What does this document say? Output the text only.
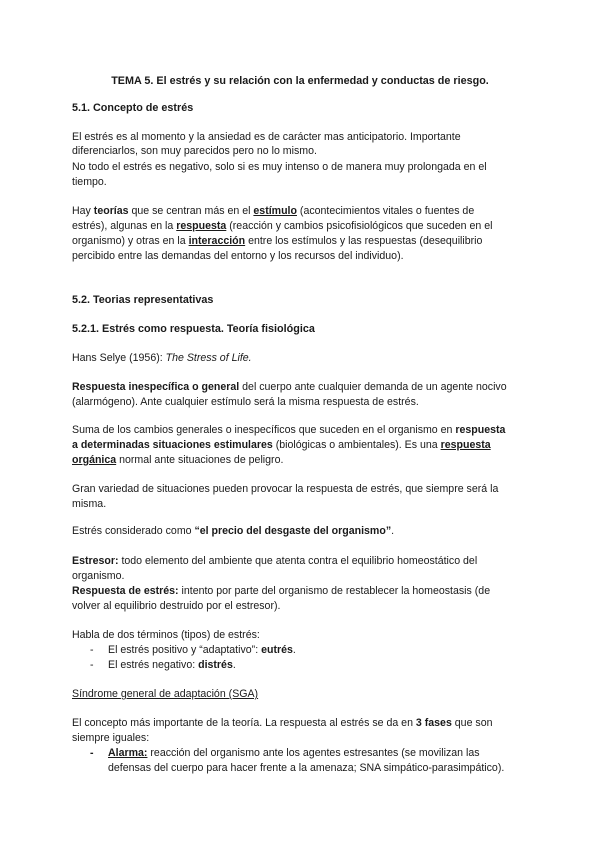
TEMA 5. El estrés y su relación con la enfermedad y conductas de riesgo.
5.1. Concepto de estrés
El estrés es al momento y la ansiedad es de carácter mas anticipatorio. Importante
diferenciarlos, son muy parecidos pero no lo mismo.
No todo el estrés es negativo, solo si es muy intenso o de manera muy prolongada en el
tiempo.
Hay teorías que se centran más en el estímulo (acontecimientos vitales o fuentes de
estrés), algunas en la respuesta (reacción y cambios psicofisiológicos que suceden en el
organismo) y otras en la interacción entre los estímulos y las respuestas (desequilibrio
percibido entre las demandas del entorno y los recursos del individuo).
5.2. Teorias representativas
5.2.1. Estrés como respuesta. Teoría fisiológica
Hans Selye (1956): The Stress of Life.
Respuesta inespecífica o general del cuerpo ante cualquier demanda de un agente nocivo
(alarmógeno). Ante cualquier estímulo será la misma respuesta de estrés.
Suma de los cambios generales o inespecíficos que suceden en el organismo en respuesta
a determinadas situaciones estimulares (biológicas o ambientales). Es una respuesta
orgánica normal ante situaciones de peligro.
Gran variedad de situaciones pueden provocar la respuesta de estrés, que siempre será la
misma.
Estrés considerado como “el precio del desgaste del organismo”.
Estresor: todo elemento del ambiente que atenta contra el equilibrio homeostático del
organismo.
Respuesta de estrés: intento por parte del organismo de restablecer la homeostasis (de
volver al equilibrio destruido por el estresor).
Habla de dos términos (tipos) de estrés:
- El estrés positivo y “adaptativo”: eutrés.
- El estrés negativo: distrés.
Síndrome general de adaptación (SGA)
El concepto más importante de la teoría. La respuesta al estrés se da en 3 fases que son
siempre iguales:
- Alarma: reacción del organismo ante los agentes estresantes (se movilizan las
defensas del cuerpo para hacer frente a la amenaza; SNA simpático-parasimpático).
